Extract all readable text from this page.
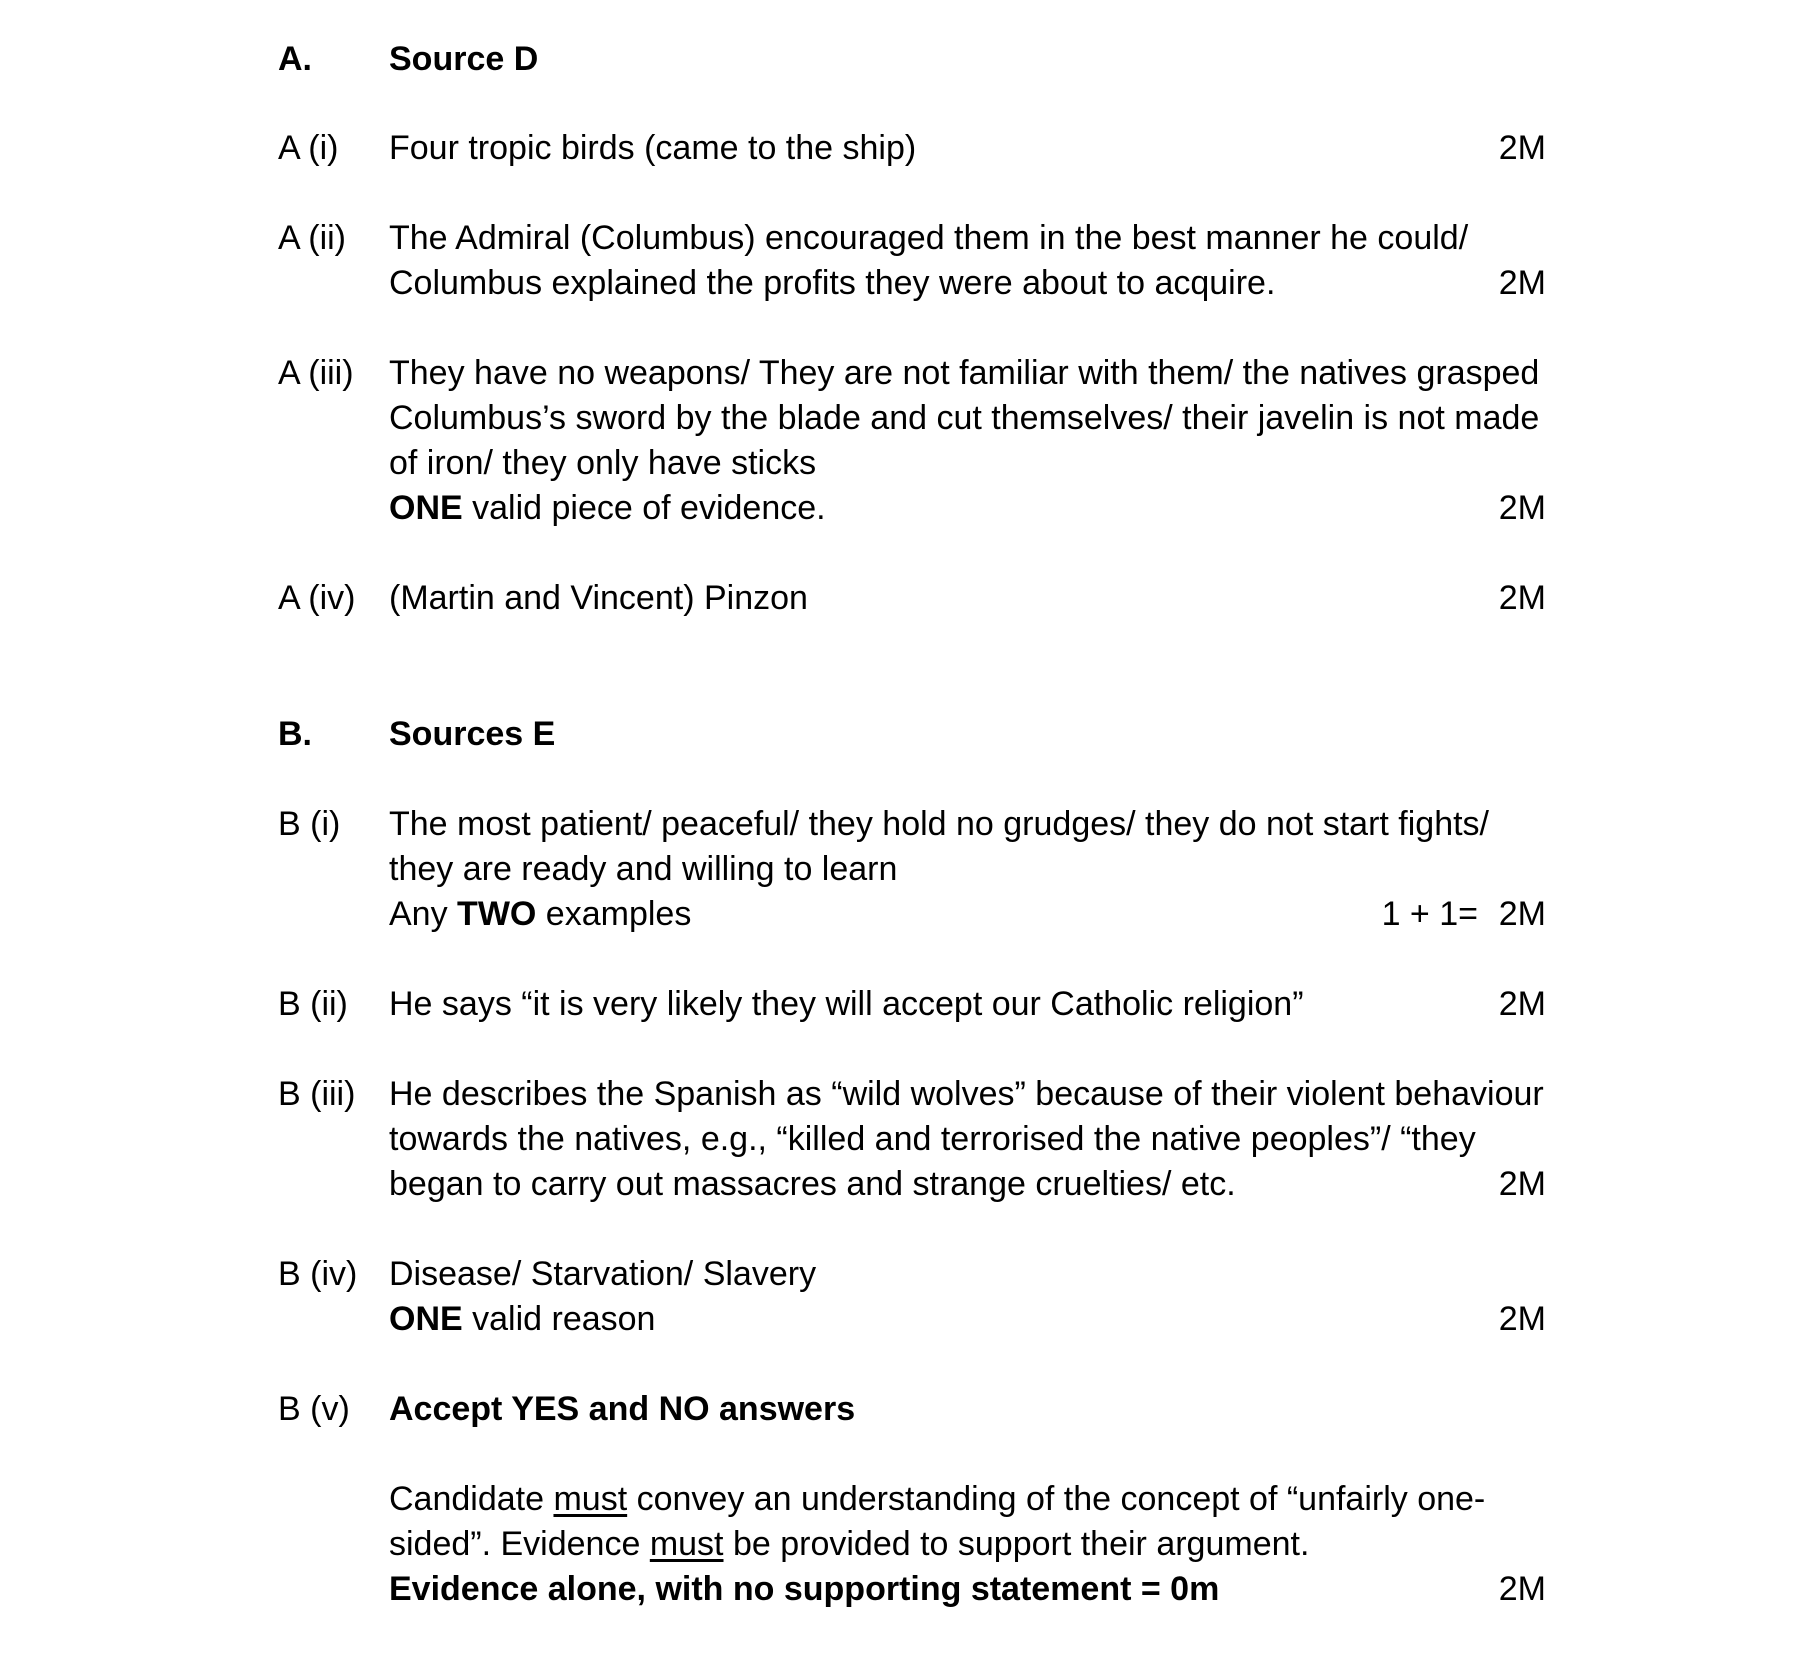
A. Source D
A (i) Four tropic birds (came to the ship)	2M
A (ii) The Admiral (Columbus) encouraged them in the best manner he could/
Columbus explained the profits they were about to acquire.	2M
A (iii) They have no weapons/ They are not familiar with them/ the natives grasped
Columbus’s sword by the blade and cut themselves/ their javelin is not made
of iron/ they only have sticks
ONE valid piece of evidence.	2M
A (iv) (Martin and Vincent) Pinzon	2M
B. Sources E
B (i) The most patient/ peaceful/ they hold no grudges/ they do not start fights/
they are ready and willing to learn
Any TWO examples	1 + 1= 2M
B (ii) He says “it is very likely they will accept our Catholic religion”	2M
B (iii) He describes the Spanish as “wild wolves” because of their violent behaviour
towards the natives, e.g., “killed and terrorised the native peoples”/ “they
began to carry out massacres and strange cruelties/ etc.	2M
B (iv) Disease/ Starvation/ Slavery
ONE valid reason	2M
B (v) Accept YES and NO answers
Candidate must convey an understanding of the concept of “unfairly one-
sided”. Evidence must be provided to support their argument.
Evidence alone, with no supporting statement = 0m	2M
